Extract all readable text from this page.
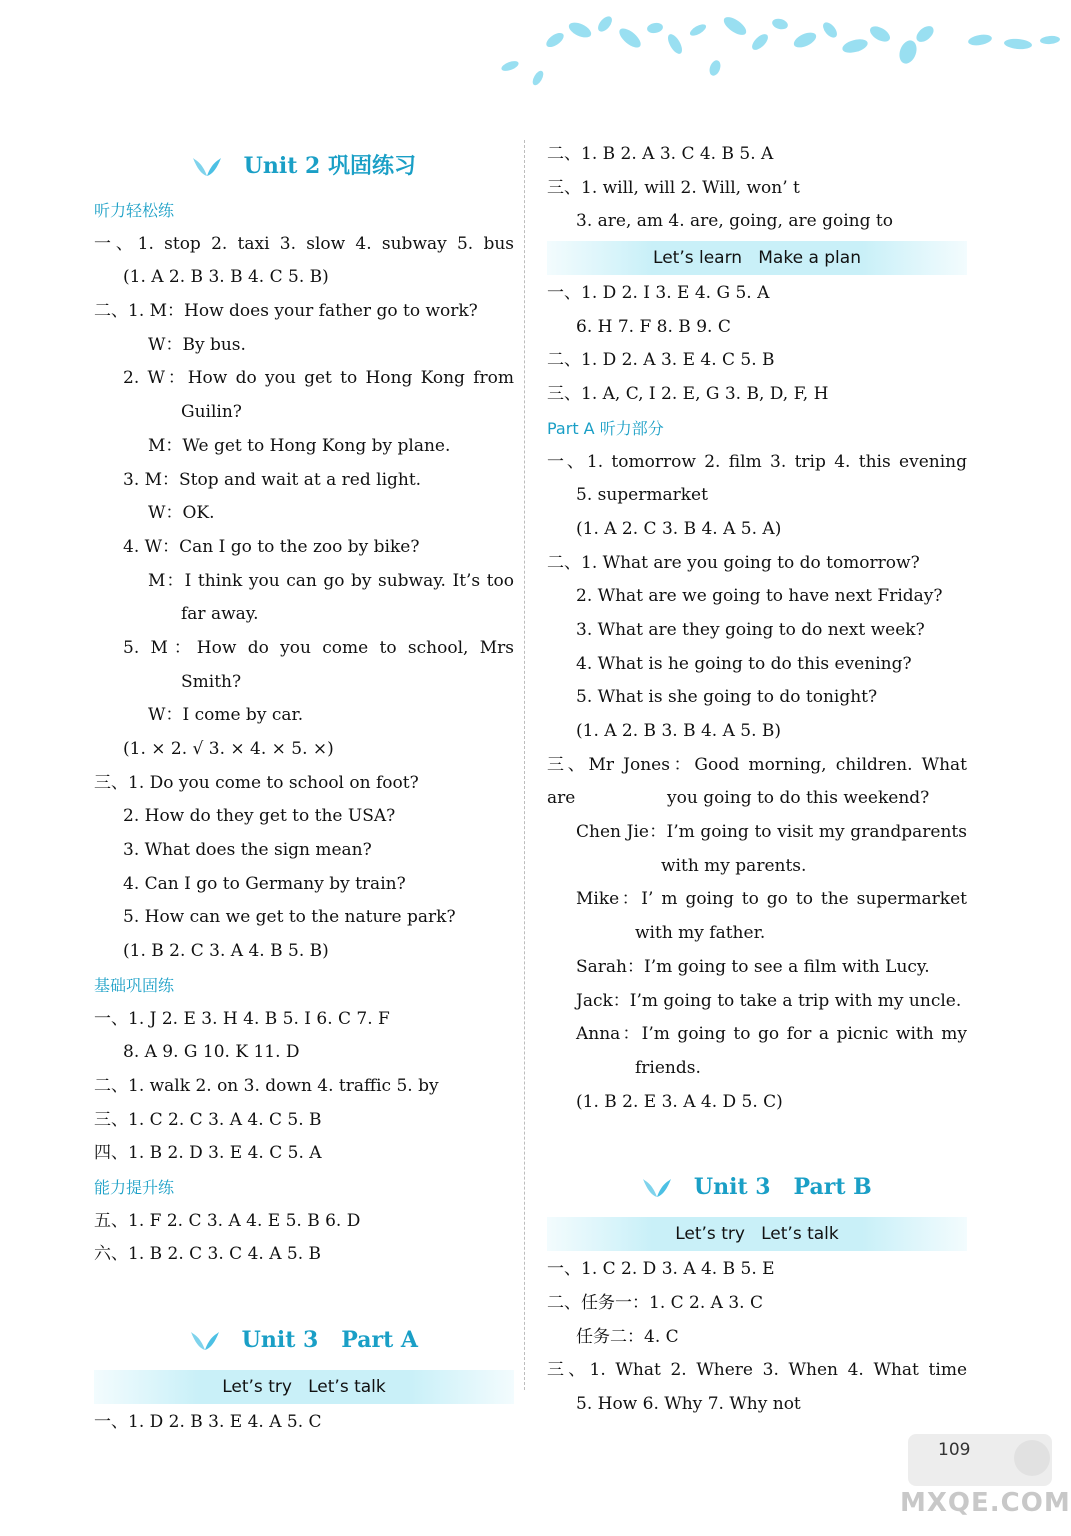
Unit 2 巩固练习
听力轻松练
一、1. stop 2. taxi 3. slow 4. subway 5. bus
(1. A 2. B 3. B 4. C 5. B)
二、1. M：How does your father go to work?
W：By bus.
2. W：How do you get to Hong Kong from
Guilin?
M：We get to Hong Kong by plane.
3. M：Stop and wait at a red light.
W：OK.
4. W：Can I go to the zoo by bike?
M：I think you can go by subway. It’s too
far away.
5. M：How do you come to school, Mrs
Smith?
W：I come by car.
(1. × 2. √ 3. × 4. × 5. ×)
三、1. Do you come to school on foot?
2. How do they get to the USA?
3. What does the sign mean?
4. Can I go to Germany by train?
5. How can we get to the nature park?
(1. B 2. C 3. A 4. B 5. B)
基础巩固练
一、1. J 2. E 3. H 4. B 5. I 6. C 7. F
8. A 9. G 10. K 11. D
二、1. walk 2. on 3. down 4. traffic 5. by
三、1. C 2. C 3. A 4. C 5. B
四、1. B 2. D 3. E 4. C 5. A
能力提升练
五、1. F 2. C 3. A 4. E 5. B 6. D
六、1. B 2. C 3. C 4. A 5. B
Unit 3   Part A
Let’s try   Let’s talk
一、1. D 2. B 3. E 4. A 5. C
二、1. B 2. A 3. C 4. B 5. A
三、1. will, will 2. Will, won’ t
3. are, am 4. are, going, are going to
Let’s learn   Make a plan
一、1. D 2. I 3. E 4. G 5. A
6. H 7. F 8. B 9. C
二、1. D 2. A 3. E 4. C 5. B
三、1. A, C, I 2. E, G 3. B, D, F, H
Part A 听力部分
一、1. tomorrow 2. film 3. trip 4. this evening
5. supermarket
(1. A 2. C 3. B 4. A 5. A)
二、1. What are you going to do tomorrow?
2. What are we going to have next Friday?
3. What are they going to do next week?
4. What is he going to do this evening?
5. What is she going to do tonight?
(1. A 2. B 3. B 4. A 5. B)
三、Mr Jones：Good morning, children. What are	you going to do this weekend?
Chen Jie：I’m going to visit my grandparents
with my parents.
Mike：I’ m going to go to the supermarket
with my father.
Sarah：I’m going to see a film with Lucy.
Jack：I’m going to take a trip with my uncle.
Anna：I’m going to go for a picnic with my
friends.
(1. B 2. E 3. A 4. D 5. C)
Unit 3   Part B
Let’s try   Let’s talk
一、1. C 2. D 3. A 4. B 5. E
二、任务一：1. C 2. A 3. C
任务二：4. C
三、1. What 2. Where 3. When 4. What time
5. How 6. Why 7. Why not
MXQE.COM
109
